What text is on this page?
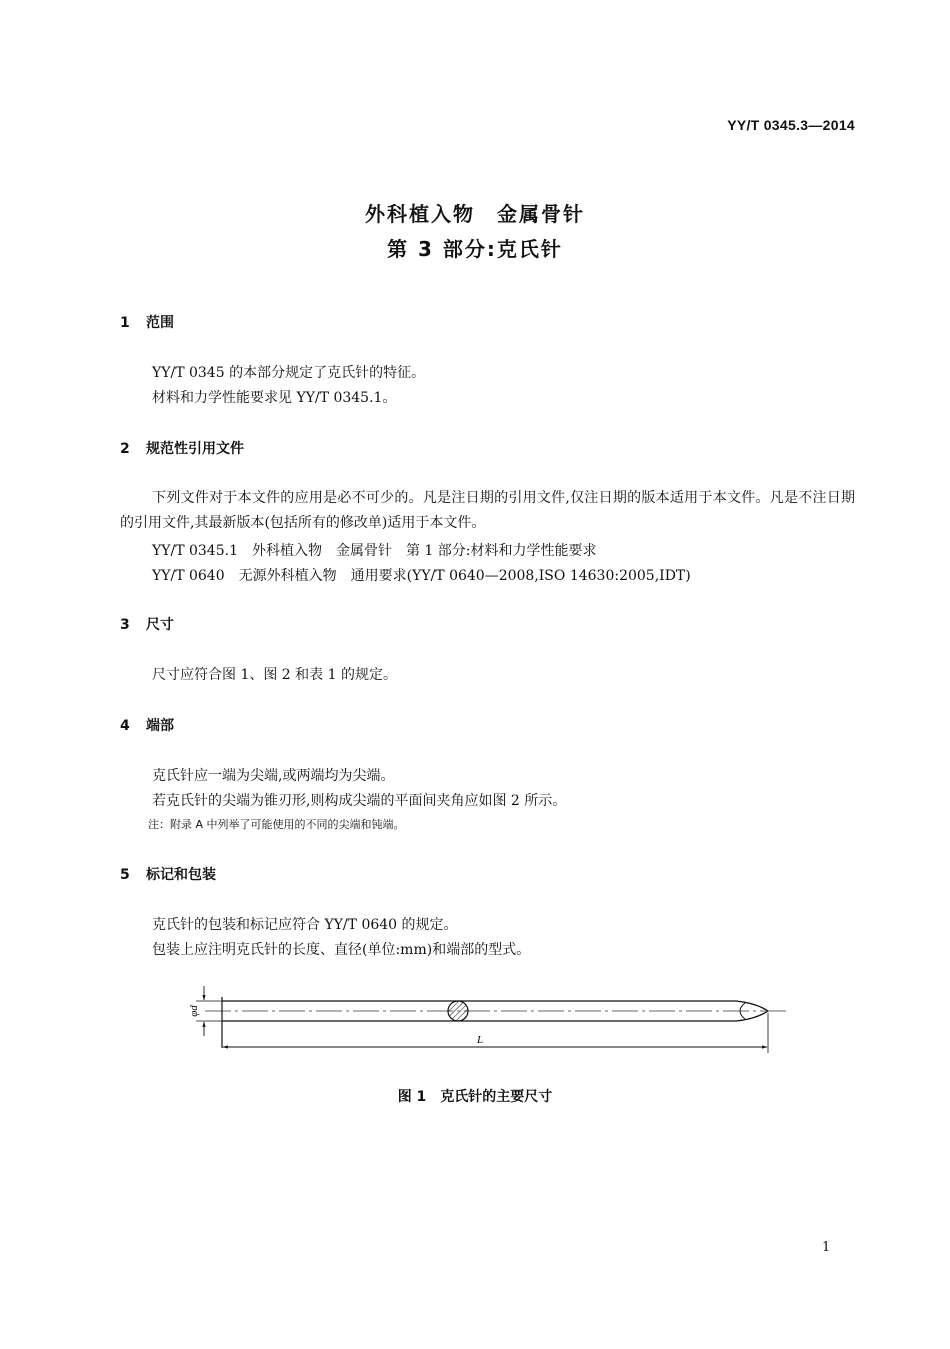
YY/T 0345.3—2014
外科植入物　金属骨针
第 3 部分:克氏针
1 范围
YY/T 0345 的本部分规定了克氏针的特征。
材料和力学性能要求见 YY/T 0345.1。
2 规范性引用文件
下列文件对于本文件的应用是必不可少的。凡是注日期的引用文件,仅注日期的版本适用于本文件。凡是不注日期的引用文件,其最新版本(包括所有的修改单)适用于本文件。
YY/T 0345.1　外科植入物　金属骨针　第 1 部分:材料和力学性能要求
YY/T 0640　无源外科植入物　通用要求(YY/T 0640—2008,ISO 14630:2005,IDT)
3 尺寸
尺寸应符合图 1、图 2 和表 1 的规定。
4 端部
克氏针应一端为尖端,或两端均为尖端。
若克氏针的尖端为锥刃形,则构成尖端的平面间夹角应如图 2 所示。
注：附录 A 中列举了可能使用的不同的尖端和钝端。
5 标记和包装
克氏针的包装和标记应符合 YY/T 0640 的规定。
包装上应注明克氏针的长度、直径(单位:mm)和端部的型式。
φd
L
图 1 克氏针的主要尺寸
1
